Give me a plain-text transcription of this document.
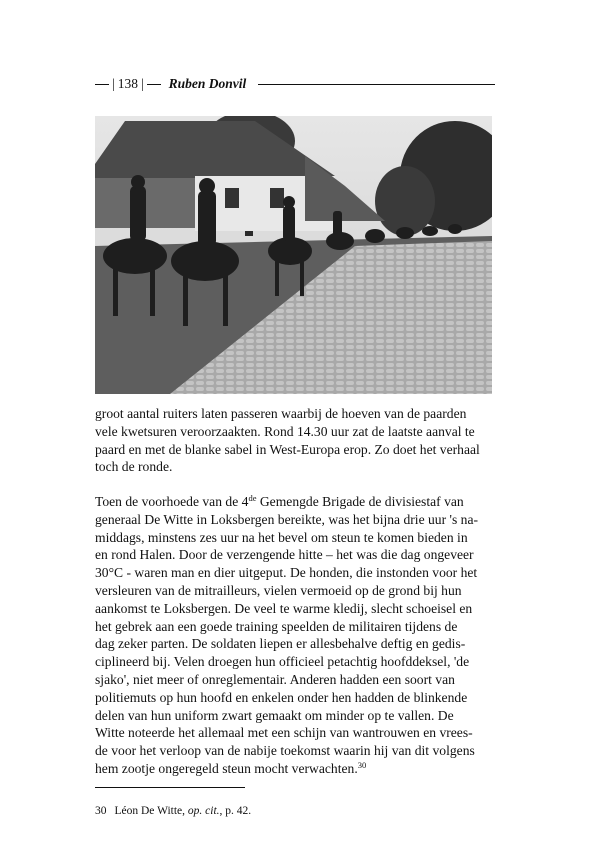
| 138 | Ruben Donvil
groot aantal ruiters laten passeren waarbij de hoeven van de paarden
vele kwetsuren veroorzaakten. Rond 14.30 uur zat de laatste aanval te
paard en met de blanke sabel in West-Europa erop. Zo doet het verhaal
toch de ronde.
Toen de voorhoede van de 4de Gemengde Brigade de divisiestaf van
generaal De Witte in Loksbergen bereikte, was het bijna drie uur 's na-
middags, minstens zes uur na het bevel om steun te komen bieden in
en rond Halen. Door de verzengende hitte – het was die dag ongeveer
30°C - waren man en dier uitgeput. De honden, die instonden voor het
versleuren van de mitrailleurs, vielen vermoeid op de grond bij hun
aankomst te Loksbergen. De veel te warme kledij, slecht schoeisel en
het gebrek aan een goede training speelden de militairen tijdens de
dag zeker parten. De soldaten liepen er allesbehalve deftig en gedis-
ciplineerd bij. Velen droegen hun officieel petachtig hoofddeksel, 'de
sjako', niet meer of onreglementair. Anderen hadden een soort van
politiemuts op hun hoofd en enkelen onder hen hadden de blinkende
delen van hun uniform zwart gemaakt om minder op te vallen. De
Witte noteerde het allemaal met een schijn van wantrouwen en vrees-
de voor het verloop van de nabije toekomst waarin hij van dit volgens
hem zootje ongeregeld steun mocht verwachten.$^{30}$
30 Léon De Witte, op. cit., p. 42.
